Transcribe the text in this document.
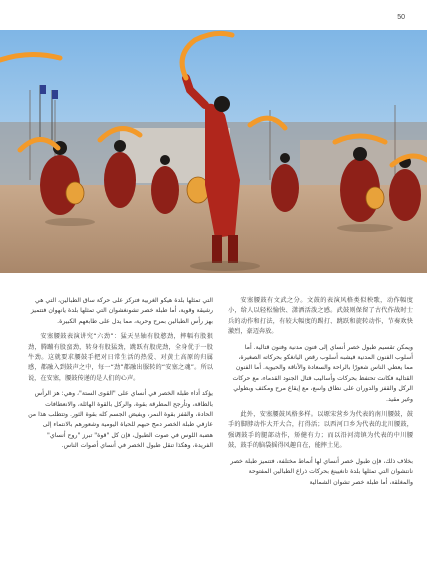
50

التي تمثلها بلدة هيكو الغربية فتركز على حركة ساق الطبالين، التي هي رشيقة وقوية، أما طبلة خصر تشونغشوان التي تمثلها بلدة يانهوان فتتميز بهز رأس الطبالين بمرح وحرية، مما يدل على طابعهم الكبيرة.

安塞腰鼓表演讲究“六劲”：猛天呈轴有股憨劲，摔幅有股狠劲，腾蹦有股蛮劲，转身有股猛劲，跳跃有股虎劲，全身优于一股牛劲。这就要求腰鼓手把对日常生活的热爱、对黄土高原的归属感，都融入到鼓声之中，每一“劲”都融出服转的“安塞之魂”。所以说，在安塞，腰鼓传递的是人们的心声。

يؤكد أداء طبلة الخصر في أنساي على "القوى الستة"، وهي: هز الرأس بالطاقة، وتأرجح المطرقة بقوة، والركل بالقوة الهائلة، والانعطافات الحادة، والقفز بقوة النمر، ويفيض الجسم كله بقوة الثور. وتتطلب هذا من عازفي طبلة الخصر دمج حبهم للحياة اليومية وشعورهم بالانتماء إلى هضبة اللوس في صوت الطبول، فإن كل "قوة" تبرز "روح أنساي" الفريدة، وهكذا تنقل طبول الخصر في أنساي أصوات الناس.

安塞腰鼓有文武之分。文鼓的表演风格类似秧歌，动作幅度小，给人以轻松愉快、潇洒活泼之感。武鼓则保留了古代作战时士兵的动作和打法，有较大幅度的踢打、跳跃和旋转动作，节奏欢快激烈，豪迈奔放。

ويمكن تقسيم طبول خصر أنساي إلى فنون مدنية وفنون قتالية. أما أسلوب الفنون المدنية فيشبه أسلوب رقص اليانغكو بحركاته الصغيرة، مما يعطي الناس شعورًا بالراحة والسعادة والأناقة والحيوية. أما الفنون القتالية فكانت تحتفظ بحركات وأساليب قتال الجنود القدماء، مع حركات الركل والقفز والدوران على نطاق واسع، مع إيقاع مرح ومكثف وبطولي وغير مقيد.

此外，安塞腰鼓风格多样。以塬宋营乡为代表的南川腰鼓，鼓手的脚脖动作大开大合，打得活；以西河口乡为代表的北川腰鼓，强调鼓手的腿部动作，矫健有力；而以沿河湾镇为代表的中川腰鼓，鼓手的脑袋摇得风趣自在，能摔土见。

بخلاف ذلك، فإن طبول خصر أنساي لها أنماط مختلفة، فتتميز طبلة خصر نانتشوان التي تمثلها بلدة تانغيينغ بحركات ذراع الطبالين المفتوحة والمغلقة، أما طبلة خصر تشوان الشمالية
